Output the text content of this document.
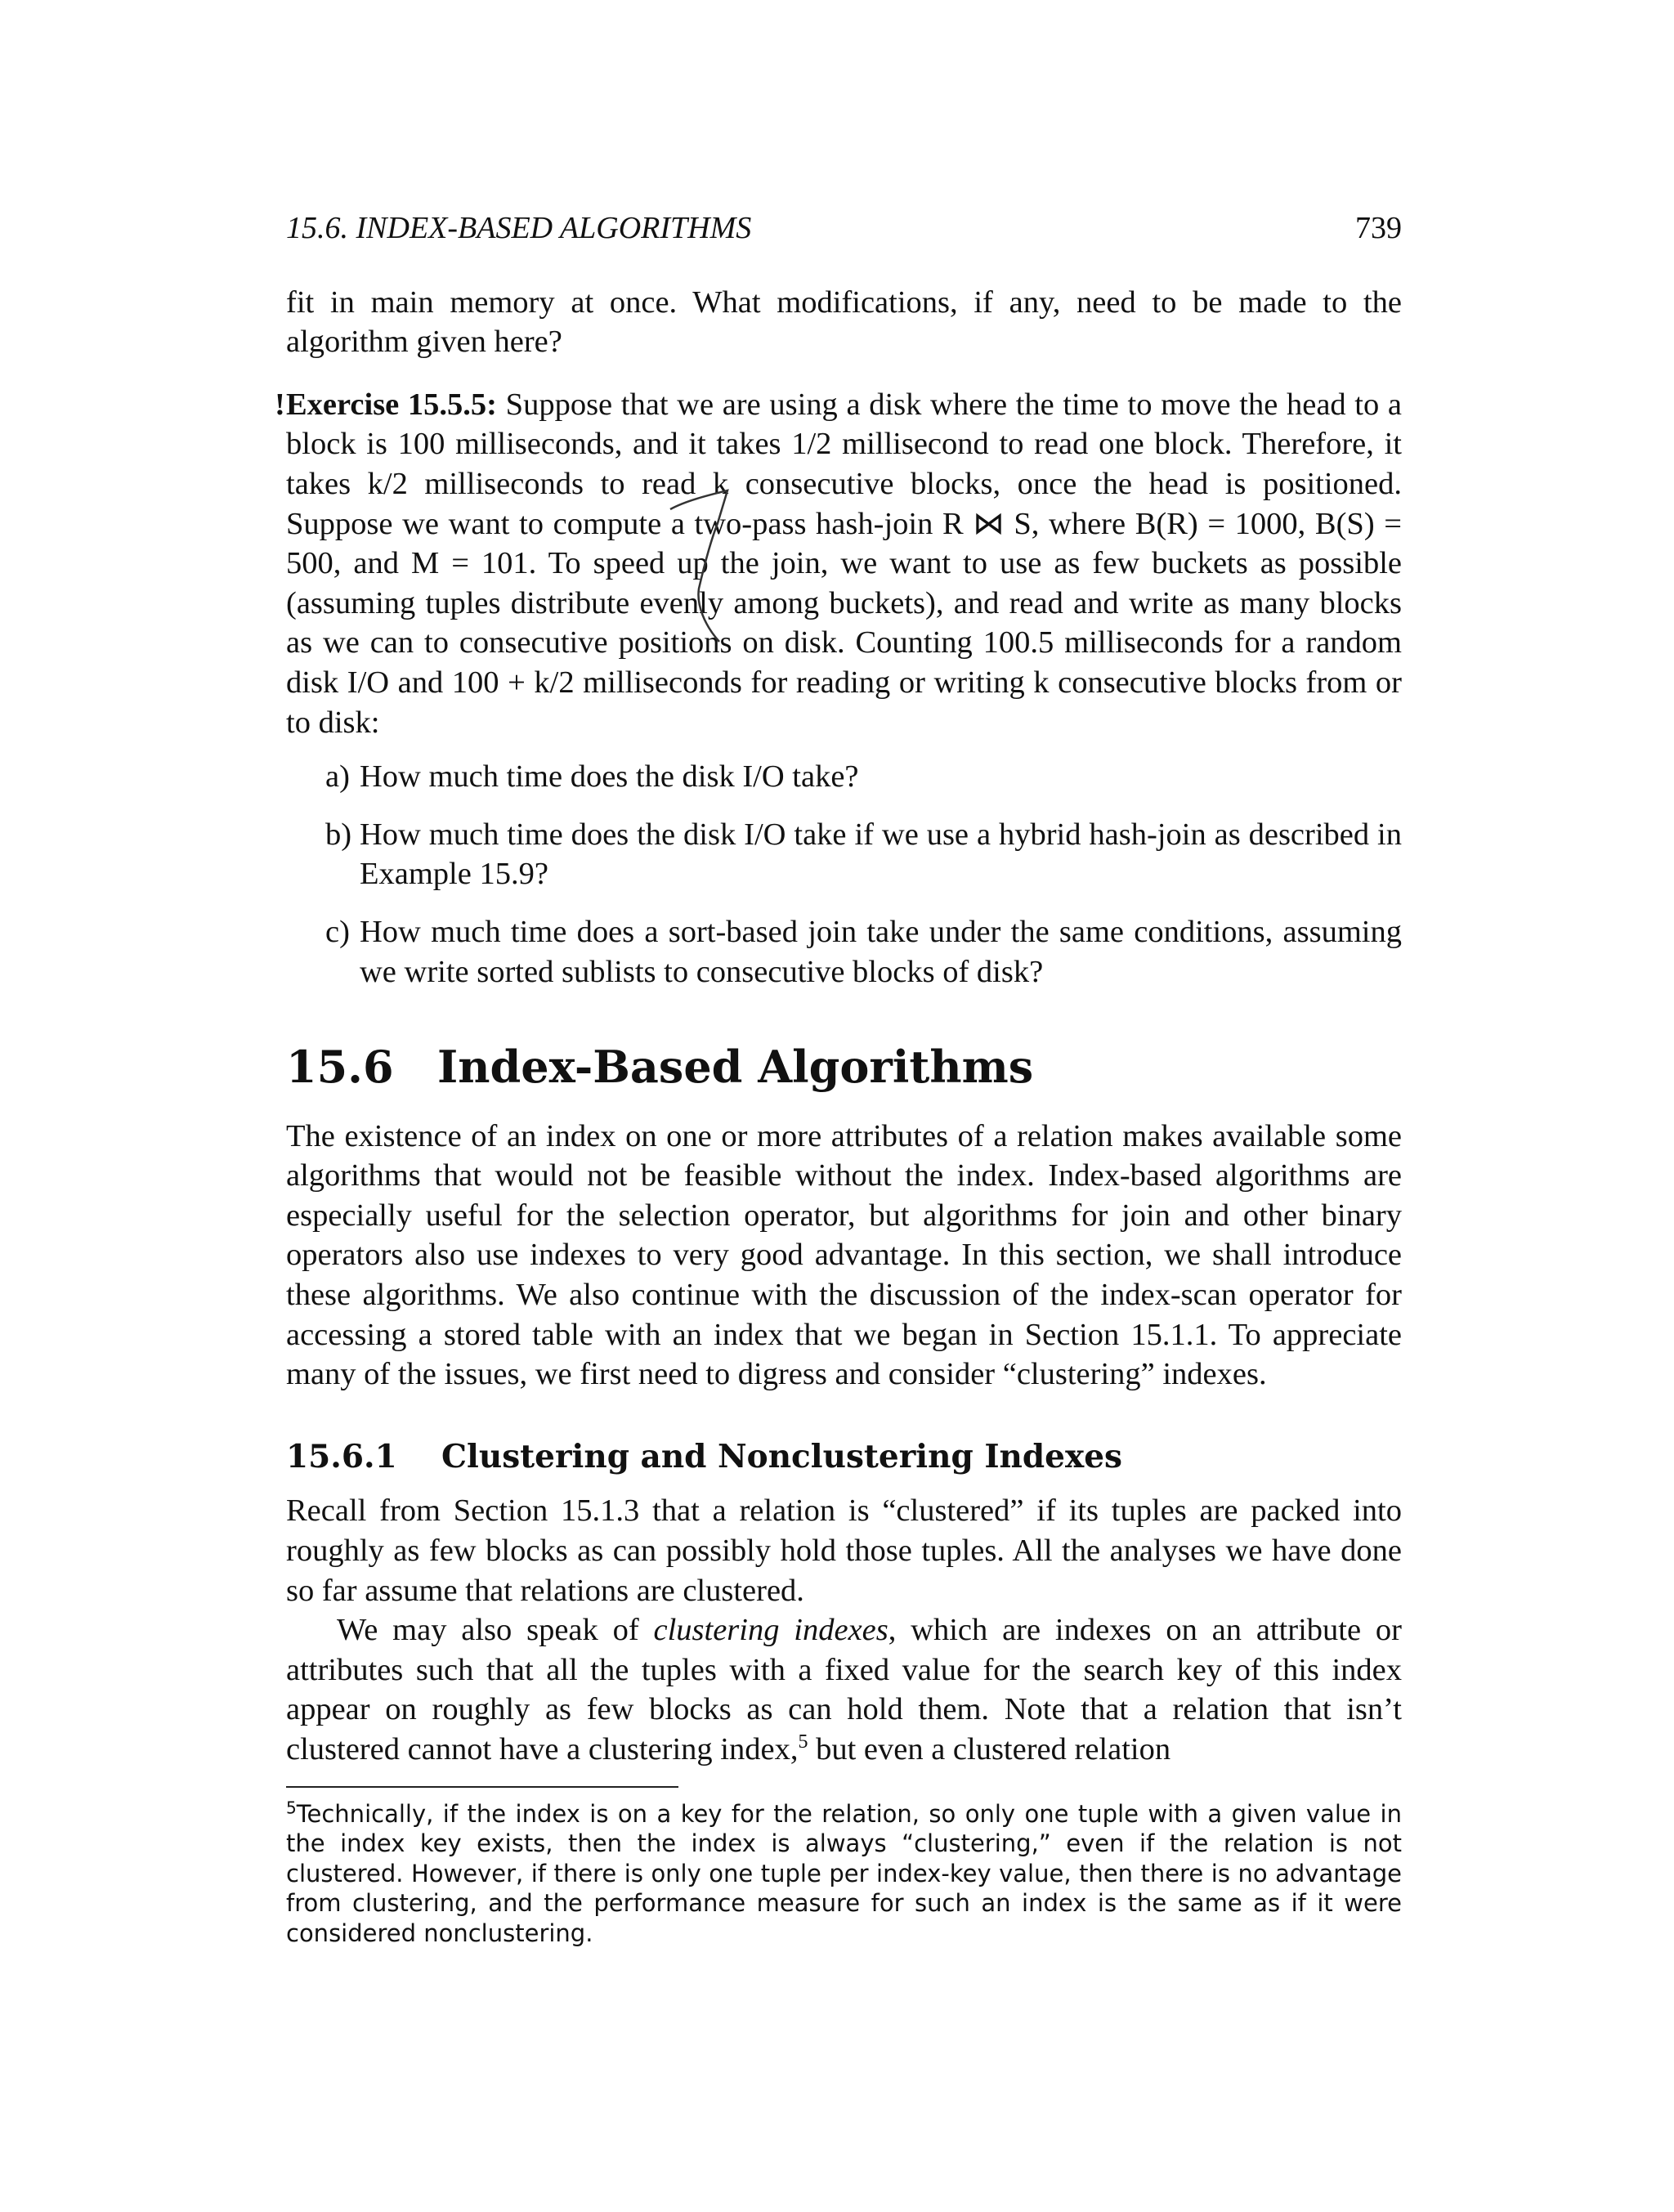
15.6. INDEX-BASED ALGORITHMS	739

fit in main memory at once. What modifications, if any, need to be made to the algorithm given here?

! Exercise 15.5.5: Suppose that we are using a disk where the time to move the head to a block is 100 milliseconds, and it takes 1/2 millisecond to read one block. Therefore, it takes k/2 milliseconds to read k consecutive blocks, once the head is positioned. Suppose we want to compute a two-pass hash-join R ⋈ S, where B(R) = 1000, B(S) = 500, and M = 101. To speed up the join, we want to use as few buckets as possible (assuming tuples distribute evenly among buckets), and read and write as many blocks as we can to consecutive positions on disk. Counting 100.5 milliseconds for a random disk I/O and 100 + k/2 milliseconds for reading or writing k consecutive blocks from or to disk:

a) How much time does the disk I/O take?
b) How much time does the disk I/O take if we use a hybrid hash-join as described in Example 15.9?
c) How much time does a sort-based join take under the same conditions, assuming we write sorted sublists to consecutive blocks of disk?
15.6 Index-Based Algorithms

The existence of an index on one or more attributes of a relation makes available some algorithms that would not be feasible without the index. Index-based algorithms are especially useful for the selection operator, but algorithms for join and other binary operators also use indexes to very good advantage. In this section, we shall introduce these algorithms. We also continue with the discussion of the index-scan operator for accessing a stored table with an index that we began in Section 15.1.1. To appreciate many of the issues, we first need to digress and consider “clustering” indexes.

15.6.1	Clustering and Nonclustering Indexes

Recall from Section 15.1.3 that a relation is “clustered” if its tuples are packed into roughly as few blocks as can possibly hold those tuples. All the analyses we have done so far assume that relations are clustered.

We may also speak of clustering indexes, which are indexes on an attribute or attributes such that all the tuples with a fixed value for the search key of this index appear on roughly as few blocks as can hold them. Note that a relation that isn’t clustered cannot have a clustering index,$^5$ but even a clustered relation

$^5$Technically, if the index is on a key for the relation, so only one tuple with a given value in the index key exists, then the index is always “clustering,” even if the relation is not clustered. However, if there is only one tuple per index-key value, then there is no advantage from clustering, and the performance measure for such an index is the same as if it were considered nonclustering.
